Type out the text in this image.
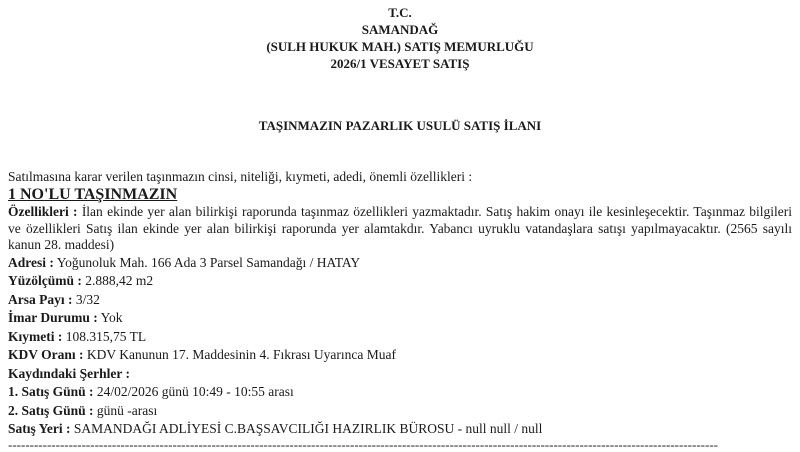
T.C.
SAMANDAĞ
(SULH HUKUK MAH.) SATIŞ MEMURLUĞU
2026/1 VESAYET SATIŞ
TAŞINMAZIN PAZARLIK USULÜ SATIŞ İLANI
Satılmasına karar verilen taşınmazın cinsi, niteliği, kıymeti, adedi, önemli özellikleri :
1 NO'LU TAŞINMAZIN
Özellikleri : İlan ekinde yer alan bilirkişi raporunda taşınmaz özellikleri yazmaktadır. Satış hakim onayı ile kesinleşecektir. Taşınmaz bilgileri ve özellikleri Satış ilan ekinde yer alan bilirkişi raporunda yer alamtakdır. Yabancı uyruklu vatandaşlara satışı yapılmayacaktır. (2565 sayılı kanun 28. maddesi)
Adresi : Yoğunoluk Mah. 166 Ada 3 Parsel Samandağı / HATAY
Yüzölçümü : 2.888,42 m2
Arsa Payı : 3/32
İmar Durumu : Yok
Kıymeti : 108.315,75 TL
KDV Oranı : KDV Kanunun 17. Maddesinin 4. Fıkrası Uyarınca Muaf
Kaydındaki Şerhler :
1. Satış Günü : 24/02/2026 günü 10:49 - 10:55 arası
2. Satış Günü : günü -arası
Satış Yeri : SAMANDAĞI ADLİYESİ C.BAŞSAVCILIĞI HAZIRLIK BÜROSU - null null / null
--------------------------------------------------------------------------------------------------------------------------------------------------------------------
